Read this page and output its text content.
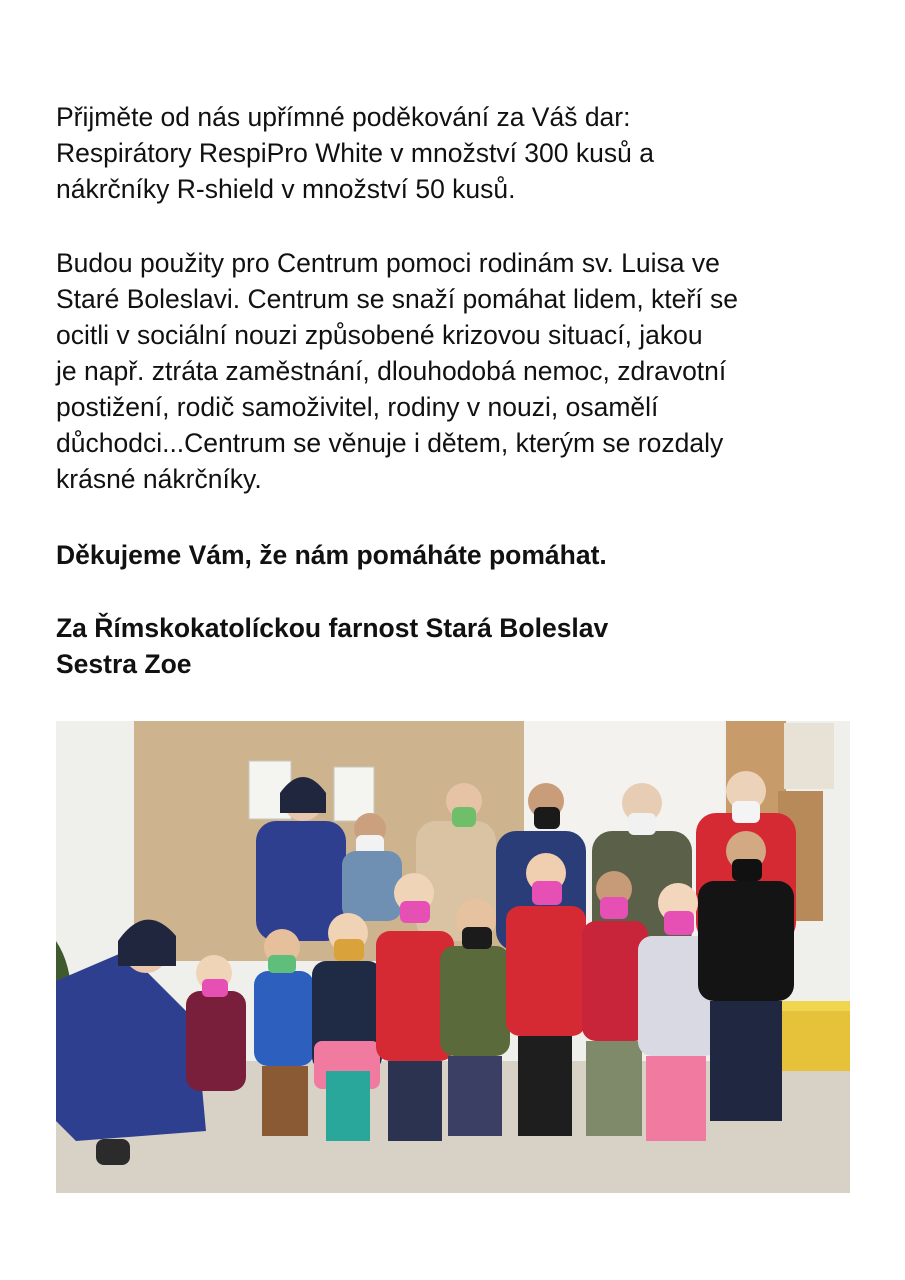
Přijměte od nás upřímné poděkování za Váš dar:
Respirátory RespiPro White v množství 300 kusů a
nákrčníky R-shield v množství 50 kusů.
Budou použity pro Centrum pomoci rodinám sv. Luisa ve
Staré Boleslavi. Centrum se snaží pomáhat lidem, kteří se
ocitli v sociální nouzi způsobené krizovou situací, jakou
je např. ztráta zaměstnání, dlouhodobá nemoc, zdravotní
postižení, rodič samoživitel, rodiny v nouzi, osamělí
důchodci...Centrum se věnuje i dětem, kterým se rozdaly
krásné nákrčníky.
Děkujeme Vám, že nám pomáháte pomáhat.
Za Římskokatolíckou farnost Stará Boleslav
Sestra Zoe
